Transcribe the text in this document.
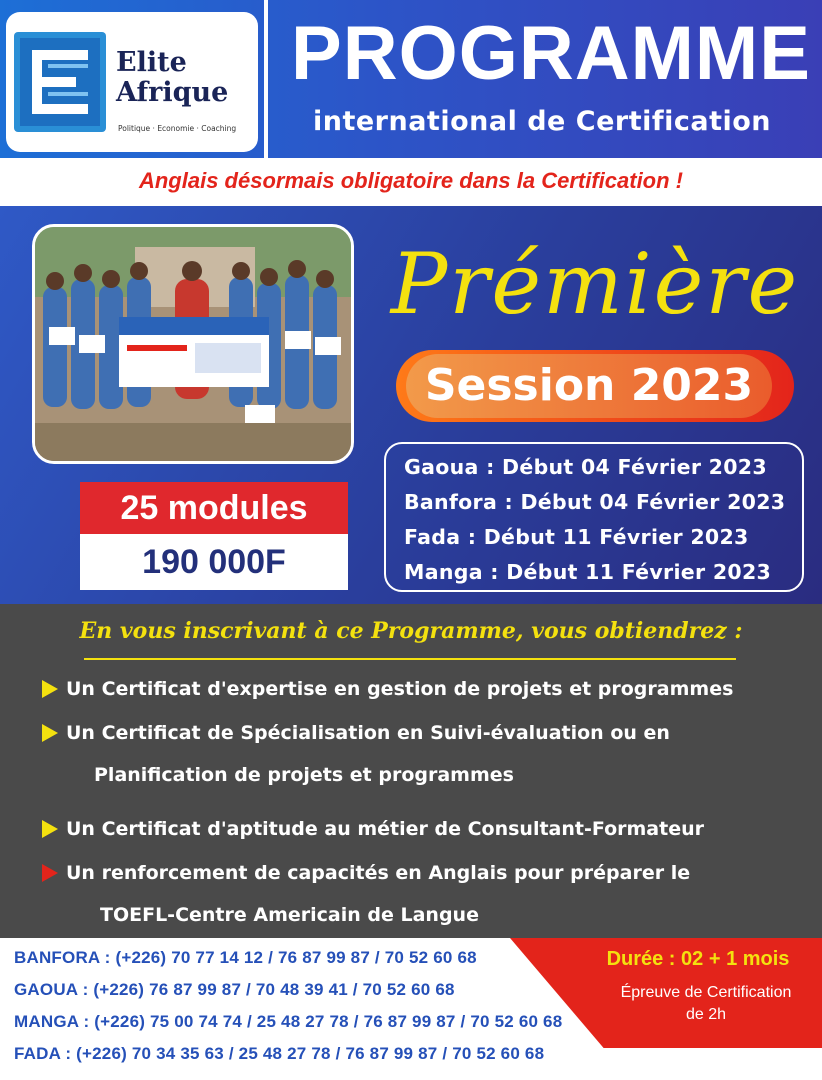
Elite
Afrique
Politique · Economie · Coaching
PROGRAMME
international de Certification
Anglais désormais obligatoire dans la Certification !
25 modules
190 000F
Prémière
Session 2023
Gaoua : Début 04 Février 2023
Banfora : Début 04 Février 2023
Fada : Début 11 Février 2023
Manga : Début 11 Février 2023
En vous inscrivant à ce Programme, vous obtiendrez :
Un Certificat d'expertise en gestion de projets et programmes
Un Certificat de Spécialisation en Suivi-évaluation ou en
Planification de projets et programmes
Un Certificat d'aptitude au métier de Consultant-Formateur
Un renforcement de capacités en Anglais pour préparer le
TOEFL-Centre Americain de Langue
BANFORA : (+226) 70 77 14 12 / 76 87 99 87 / 70 52 60 68
GAOUA : (+226) 76 87 99 87 / 70 48 39 41 / 70 52 60 68
MANGA : (+226) 75 00 74 74 / 25 48 27 78 / 76 87 99 87 / 70 52 60 68
FADA : (+226) 70 34 35 63 / 25 48 27 78 / 76 87 99 87 / 70 52 60 68
Durée : 02 + 1 mois
Épreuve de Certification
de 2h
